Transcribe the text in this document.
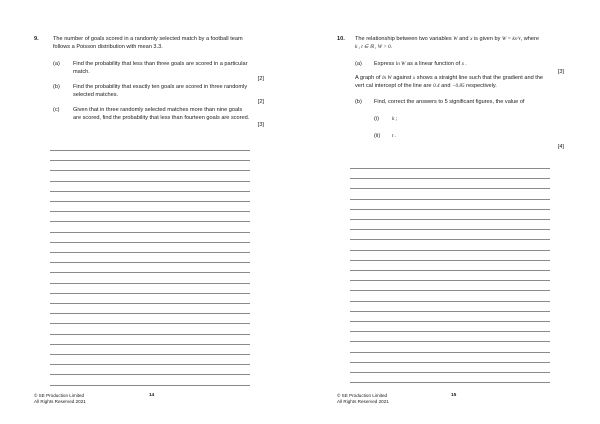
9.	The number of goals scored in a randomly selected match by a football team
follows a Poisson distribution with mean 3.3.
(a) Find the probability that less than three goals are scored in a particular
match.
[2]
(b) Find the probability that exactly ten goals are scored in three randomly
selected matches.
[2]
(c) Given that in three randomly selected matches more than nine goals
are scored, find the probability that less than fourteen goals are scored.
[3]
© SE Production Limited
All Rights Reserved 2021
14
10. The relationship between two variables W and x is given by W = kx^t, where
k , t ∈ ℝ , W > 0.
(a) Express ln W as a linear function of x .
[3]
A graph of ln W against x shows a straight line such that the gradient and the
vert cal intercept of the line are 0.4 and −0.85 respectively.
(b) Find, correct the answers to 5 significant figures, the value of
(i)	k ;
(ii) t .
[4]
© SE Production Limited
All Rights Reserved 2021
15
